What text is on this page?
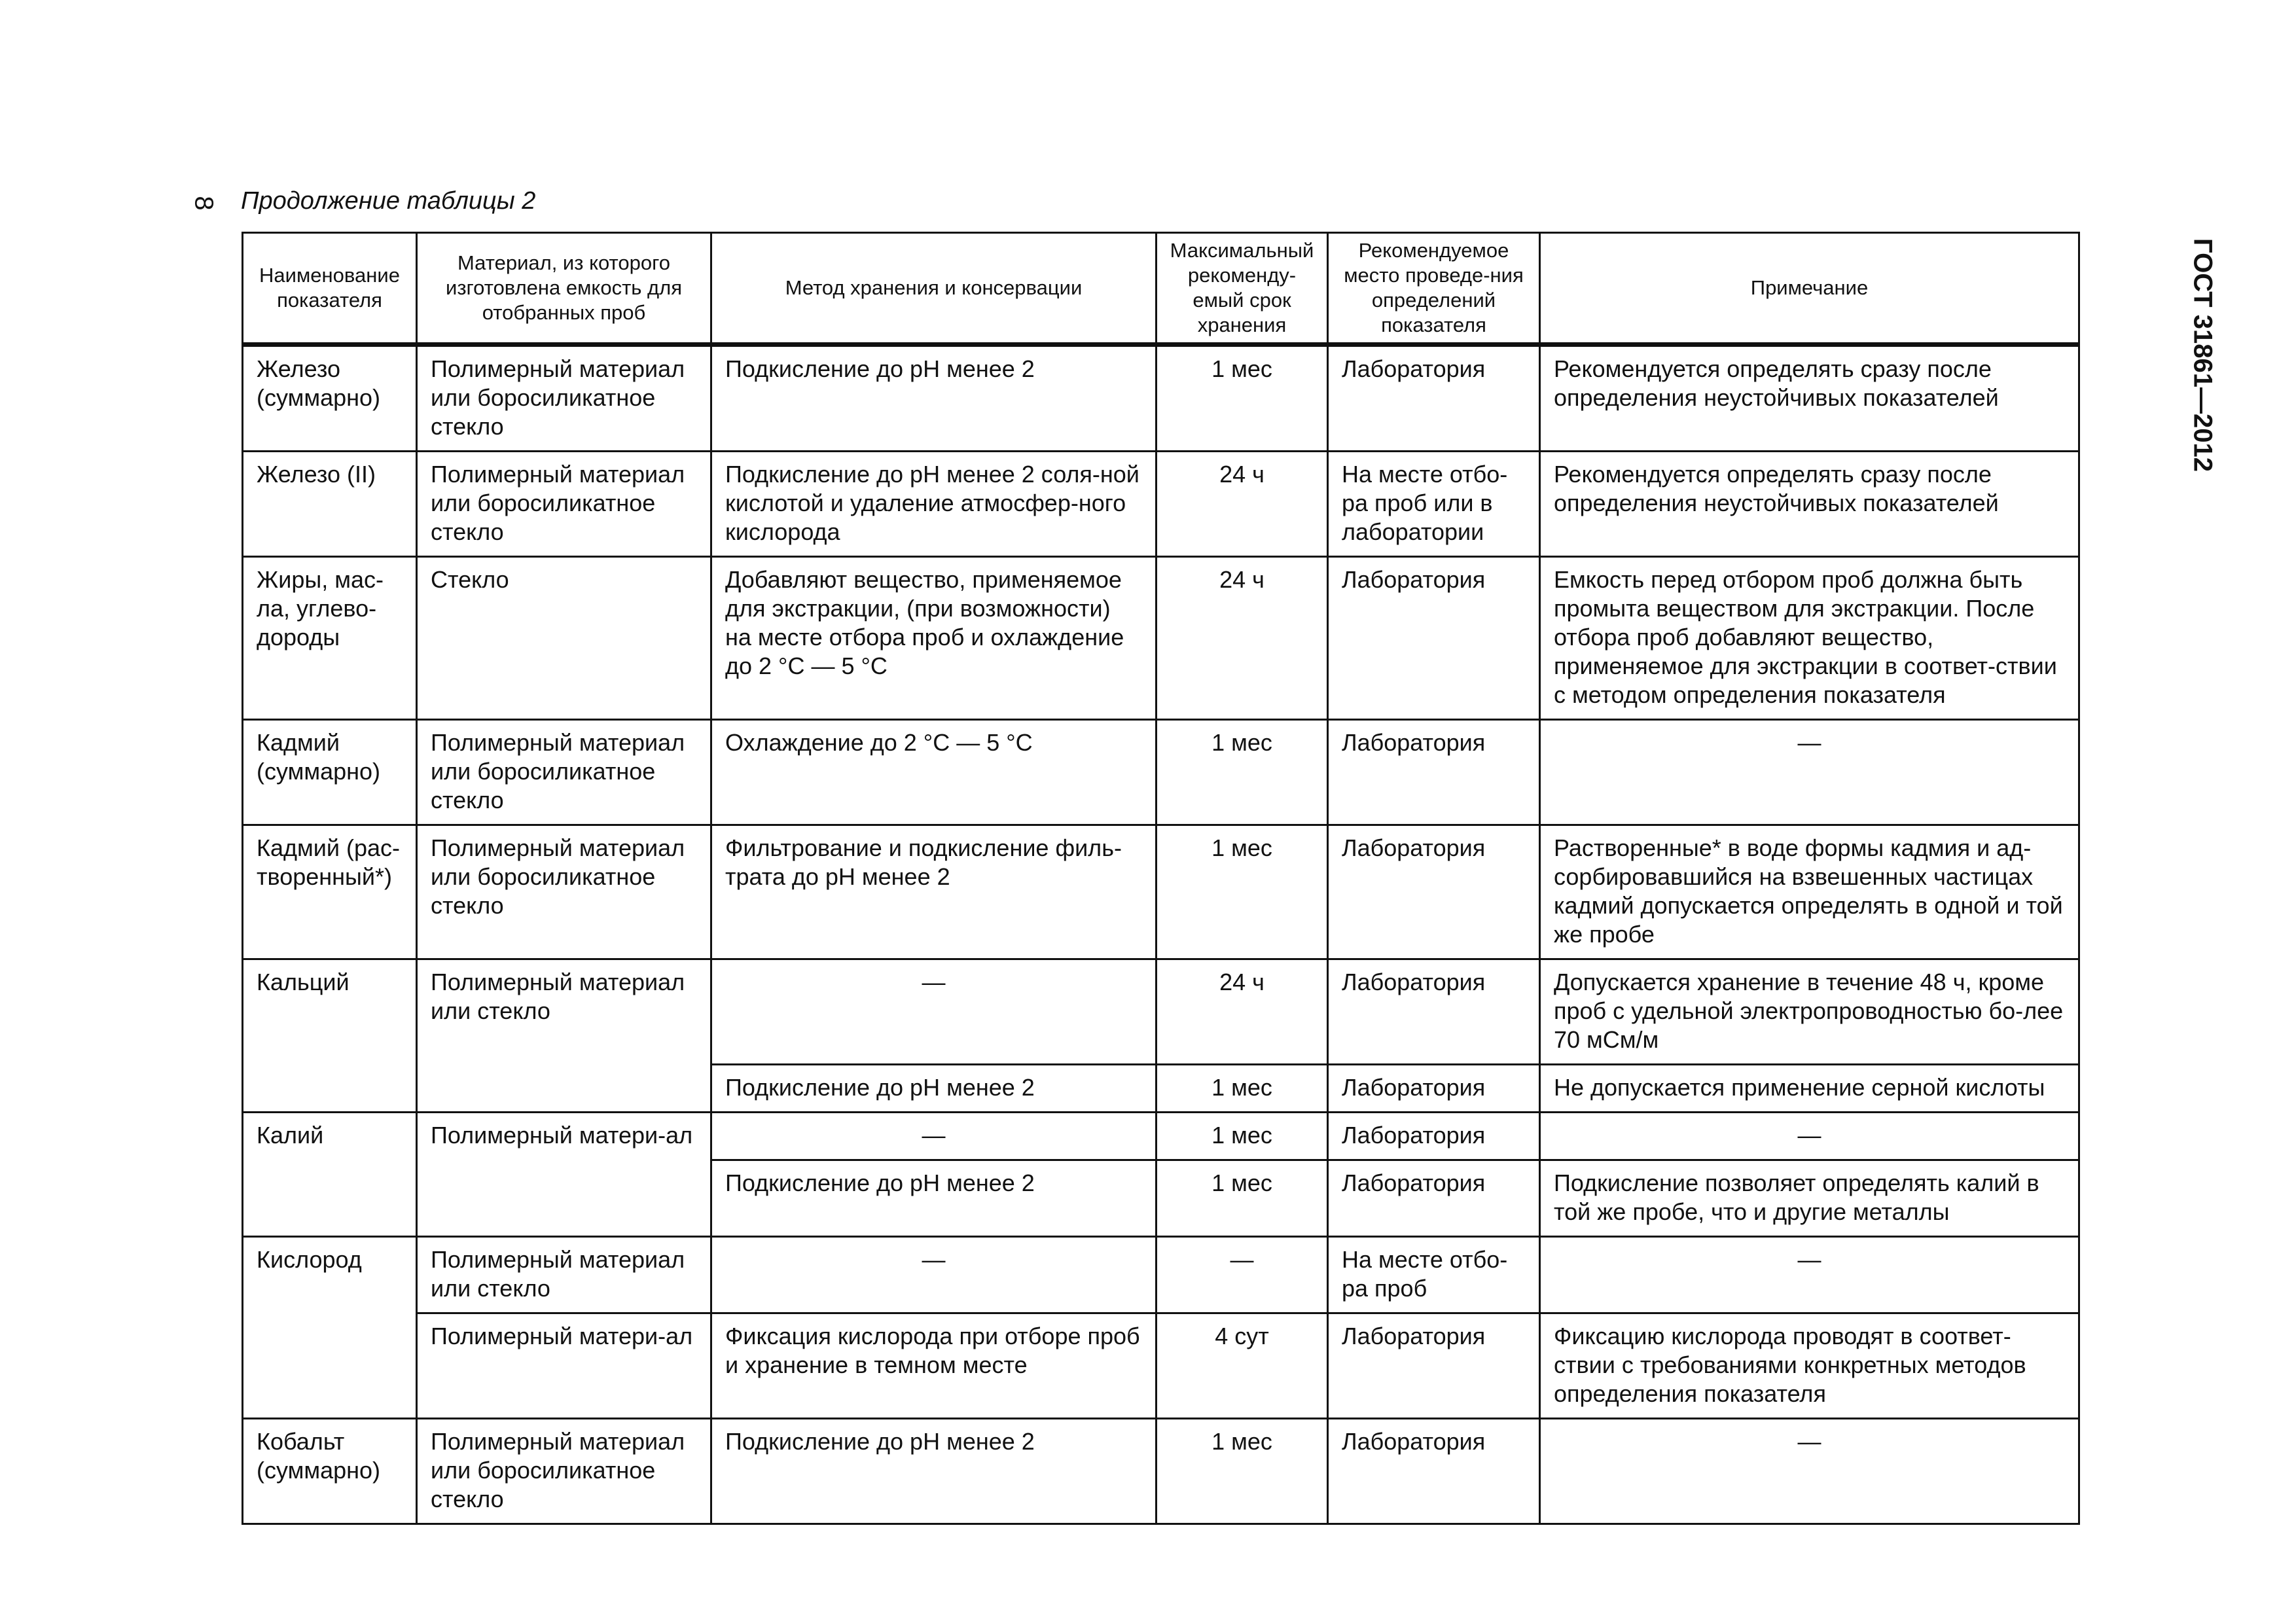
8 Продолжение таблицы 2
ГОСТ 31861—2012
Наименование показателя	Материал, из которого изготовлена емкость для отобранных проб	Метод хранения и консервации	Максимальный рекоменду-емый срок хранения	Рекомендуемое место проведе-ния определений показателя	Примечание
Железо (суммарно)	Полимерный материал или боросиликатное стекло	Подкисление до pH менее 2	1 мес	Лаборатория	Рекомендуется определять сразу после определения неустойчивых показателей
Железо (II)	Полимерный материал или боросиликатное стекло	Подкисление до pH менее 2 соля-ной кислотой и удаление атмосфер-ного кислорода	24 ч	На месте отбо-ра проб или в лаборатории	Рекомендуется определять сразу после определения неустойчивых показателей
Жиры, мас-ла, углево-дороды	Стекло	Добавляют вещество, применяемое для экстракции, (при возможности) на месте отбора проб и охлаждение до 2 °C — 5 °C	24 ч	Лаборатория	Емкость перед отбором проб должна быть промыта веществом для экстракции. После отбора проб добавляют вещество, применяемое для экстракции в соответ-ствии с методом определения показателя
Кадмий (суммарно)	Полимерный материал или боросиликатное стекло	Охлаждение до 2 °C — 5 °C	1 мес	Лаборатория	—
Кадмий (рас-творенный*)	Полимерный материал или боросиликатное стекло	Фильтрование и подкисление филь-трата до pH менее 2	1 мес	Лаборатория	Растворенные* в воде формы кадмия и ад-сорбировавшийся на взвешенных частицах кадмий допускается определять в одной и той же пробе
Кальций	Полимерный материал или стекло	—	24 ч	Лаборатория	Допускается хранение в течение 48 ч, кроме проб с удельной электропроводностью бо-лее 70 мСм/м
		Подкисление до pH менее 2	1 мес	Лаборатория	Не допускается применение серной кислоты
Калий	Полимерный матери-ал	—	1 мес	Лаборатория	—
		Подкисление до pH менее 2	1 мес	Лаборатория	Подкисление позволяет определять калий в той же пробе, что и другие металлы
Кислород	Полимерный материал или стекло	—	—	На месте отбо-ра проб	—
	Полимерный матери-ал	Фиксация кислорода при отборе проб и хранение в темном месте	4 сут	Лаборатория	Фиксацию кислорода проводят в соответ-ствии с требованиями конкретных методов определения показателя
Кобальт (суммарно)	Полимерный материал или боросиликатное стекло	Подкисление до pH менее 2	1 мес	Лаборатория	—
